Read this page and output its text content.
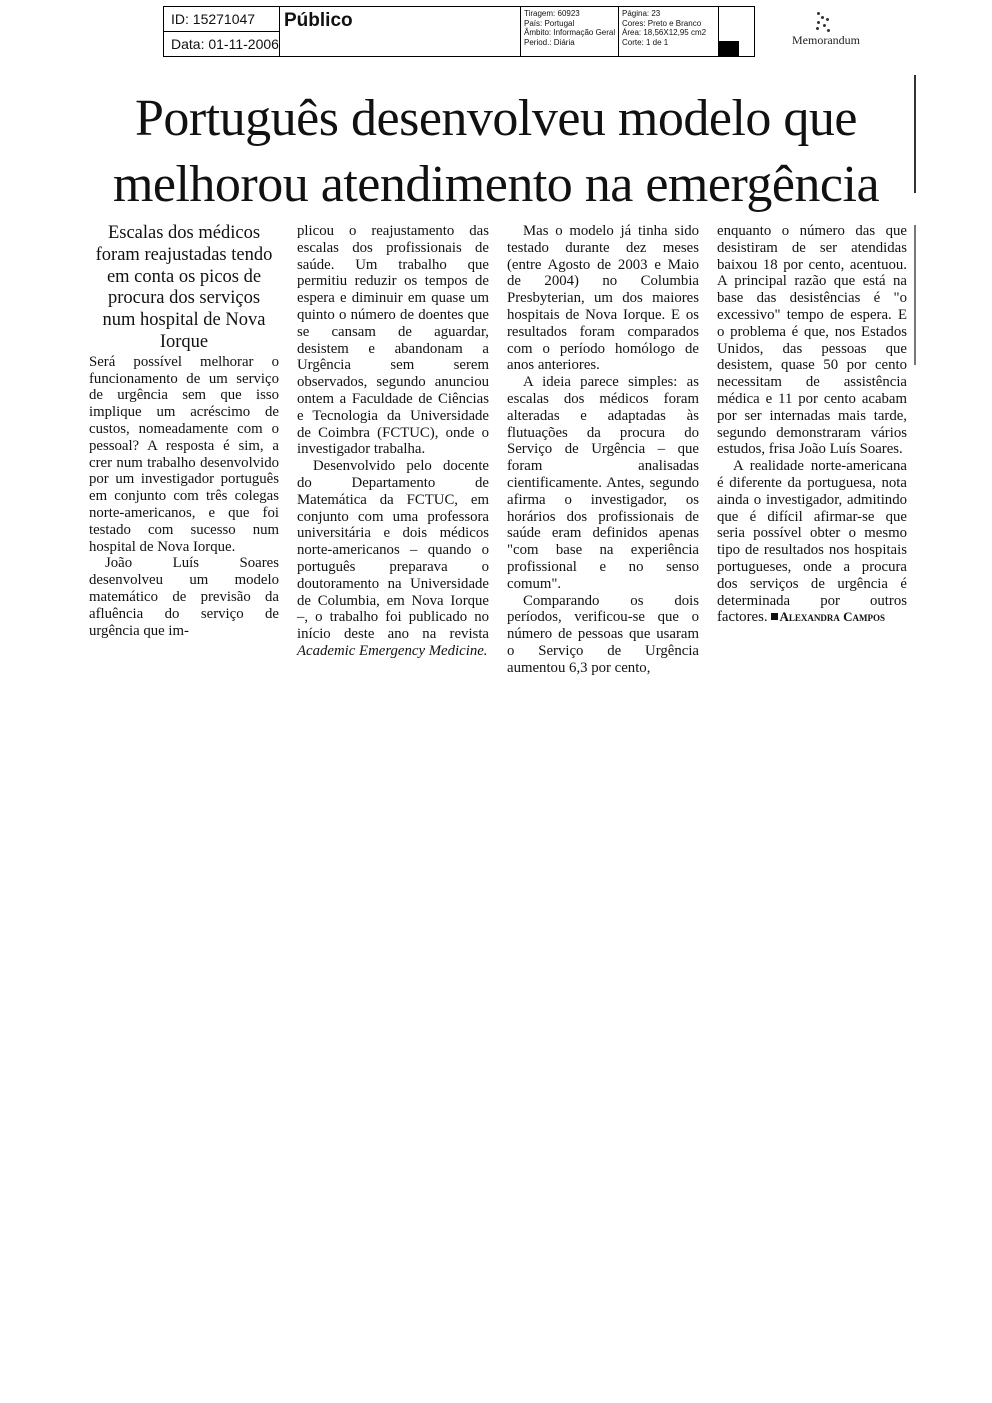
ID: 15271047
Data: 01-11-2006
Público	Tiragem: 60923
País: Portugal
Âmbito: Informação Geral
Period.: Diária
Página: 23
Cores: Preto e Branco
Área: 18,56X12,95 cm2
Corte: 1 de 1	Memorandum
Português desenvolveu modelo que
melhorou atendimento na emergência

Escalas dos médicos foram reajustadas tendo em conta os picos de procura dos serviços num hospital de Nova Iorque

Será possível melhorar o funcionamento de um serviço de urgência sem que isso implique um acréscimo de custos, nomeadamente com o pessoal? A resposta é sim, a crer num trabalho desenvolvido por um investigador português em conjunto com três colegas norte-americanos, e que foi testado com sucesso num hospital de Nova Iorque.

João Luís Soares desenvolveu um modelo matemático de previsão da afluência do serviço de urgência que im-

plicou o reajustamento das escalas dos profissionais de saúde. Um trabalho que permitiu reduzir os tempos de espera e diminuir em quase um quinto o número de doentes que se cansam de aguardar, desistem e abandonam a Urgência sem serem observados, segundo anunciou ontem a Faculdade de Ciências e Tecnologia da Universidade de Coimbra (FCTUC), onde o investigador trabalha.

Desenvolvido pelo docente do Departamento de Matemática da FCTUC, em conjunto com uma professora universitária e dois médicos norte-americanos – quando o português preparava o doutoramento na Universidade de Columbia, em Nova Iorque –, o trabalho foi publicado no início deste ano na revista Academic Emergency Medicine.

Mas o modelo já tinha sido testado durante dez meses (entre Agosto de 2003 e Maio de 2004) no Columbia Presbyterian, um dos maiores hospitais de Nova Iorque. E os resultados foram comparados com o período homólogo de anos anteriores.

A ideia parece simples: as escalas dos médicos foram alteradas e adaptadas às flutuações da procura do Serviço de Urgência – que foram analisadas cientificamente. Antes, segundo afirma o investigador, os horários dos profissionais de saúde eram definidos apenas "com base na experiência profissional e no senso comum".

Comparando os dois períodos, verificou-se que o número de pessoas que usaram o Serviço de Urgência aumentou 6,3 por cento,

enquanto o número das que desistiram de ser atendidas baixou 18 por cento, acentuou. A principal razão que está na base das desistências é "o excessivo" tempo de espera. E o problema é que, nos Estados Unidos, das pessoas que desistem, quase 50 por cento necessitam de assistência médica e 11 por cento acabam por ser internadas mais tarde, segundo demonstraram vários estudos, frisa João Luís Soares.

A realidade norte-americana é diferente da portuguesa, nota ainda o investigador, admitindo que é difícil afirmar-se que seria possível obter o mesmo tipo de resultados nos hospitais portugueses, onde a procura dos serviços de urgência é determinada por outros factores. Alexandra Campos
